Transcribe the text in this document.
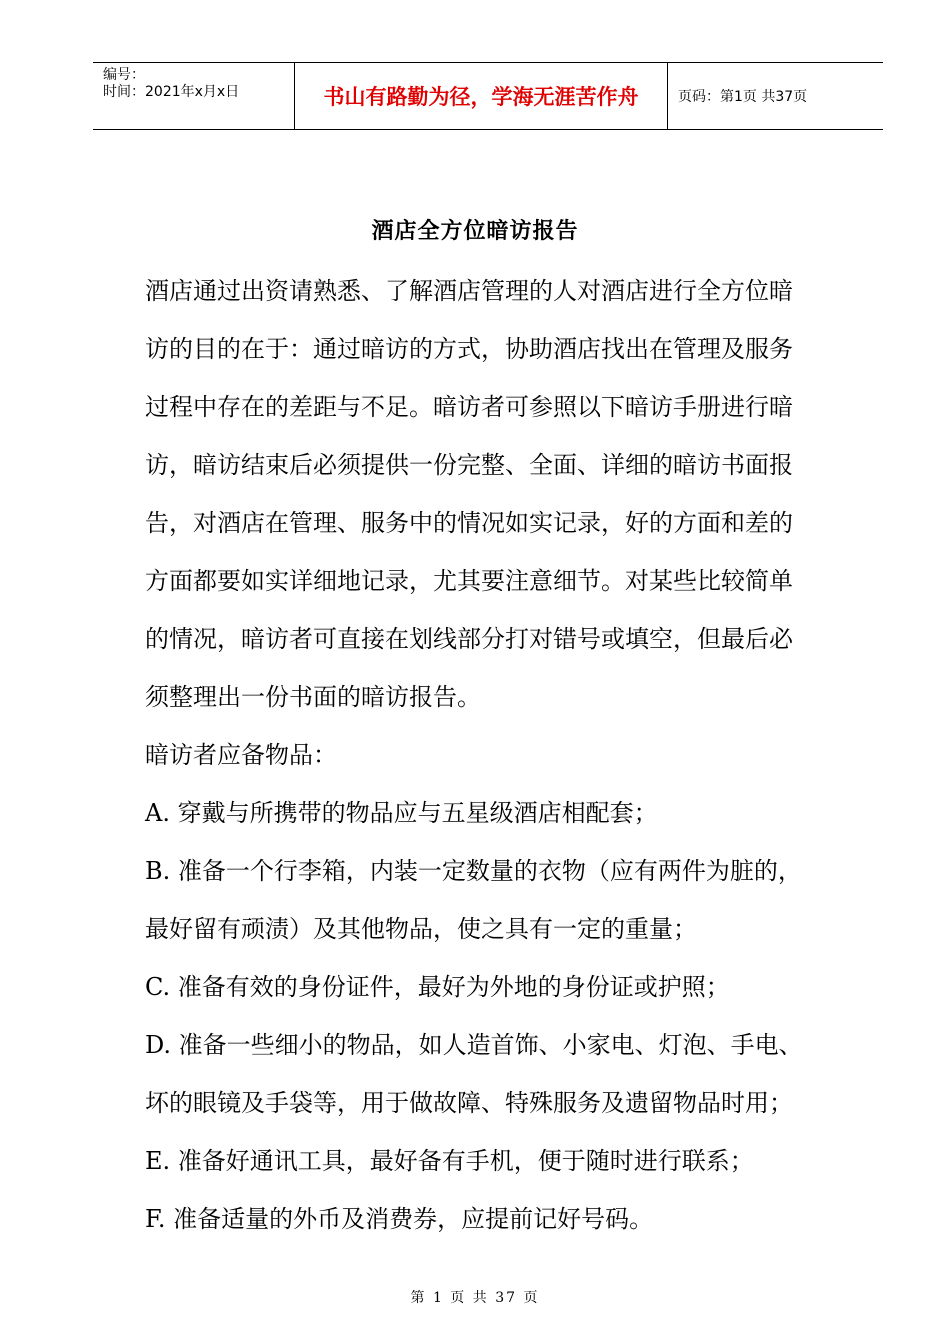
编号：
时间：2021年x月x日	书山有路勤为径，学海无涯苦作舟	页码：第1页 共37页
酒店全方位暗访报告

酒店通过出资请熟悉、了解酒店管理的人对酒店进行全方位暗

访的目的在于：通过暗访的方式，协助酒店找出在管理及服务

过程中存在的差距与不足。暗访者可参照以下暗访手册进行暗

访，暗访结束后必须提供一份完整、全面、详细的暗访书面报

告，对酒店在管理、服务中的情况如实记录，好的方面和差的

方面都要如实详细地记录，尤其要注意细节。对某些比较简单

的情况，暗访者可直接在划线部分打对错号或填空，但最后必

须整理出一份书面的暗访报告。

暗访者应备物品：

A. 穿戴与所携带的物品应与五星级酒店相配套；

B. 准备一个行李箱，内装一定数量的衣物（应有两件为脏的，

最好留有顽渍）及其他物品，使之具有一定的重量；

C. 准备有效的身份证件，最好为外地的身份证或护照；

D. 准备一些细小的物品，如人造首饰、小家电、灯泡、手电、

坏的眼镜及手袋等，用于做故障、特殊服务及遗留物品时用；

E. 准备好通讯工具，最好备有手机，便于随时进行联系；

F. 准备适量的外币及消费券，应提前记好号码。

第 1 页 共 37 页
